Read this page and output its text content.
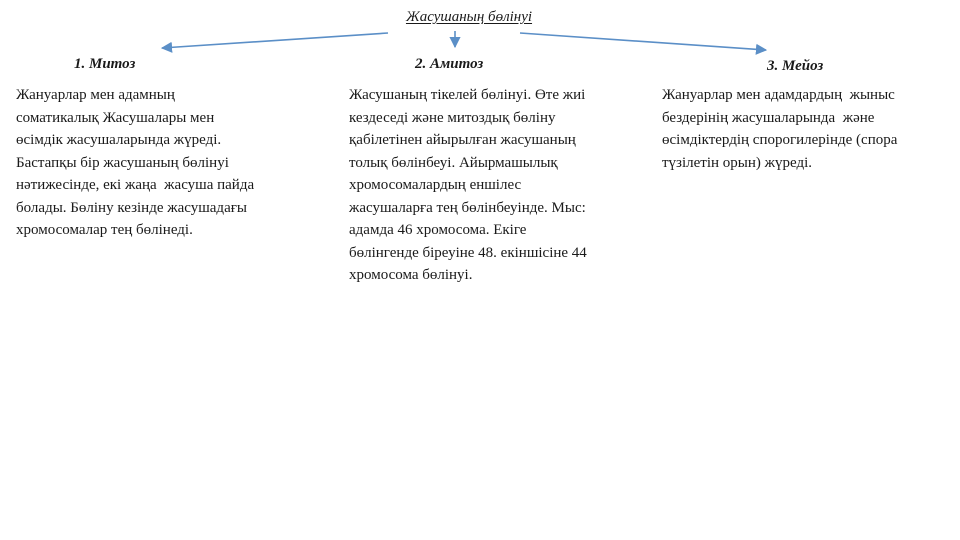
Жасушаның бөлінуі
1. Митоз	2. Амитоз	3. Мейоз
Жануарлар мен адамның
соматикалық Жасушалары мен
өсімдік жасушаларында жүреді.
Бастапқы бір жасушаның бөлінуі
нәтижесінде, екі жаңа  жасуша пайда
болады. Бөліну кезінде жасушадағы
хромосомалар тең бөлінеді.
Жасушаның тікелей бөлінуі. Өте жиі
кездеседі және митоздық бөліну
қабілетінен айырылған жасушаның
толық бөлінбеуі. Айырмашылық
хромосомалардың еншілес
жасушаларға тең бөлінбеуінде. Мыс:
адамда 46 хромосома. Екіге
бөлінгенде біреуіне 48. екіншісіне 44
хромосома бөлінуі.
Жануарлар мен адамдардың  жыныс
бездерінің жасушаларында  және
өсімдіктердің спорогилерінде (спора
түзілетін орын) жүреді.
